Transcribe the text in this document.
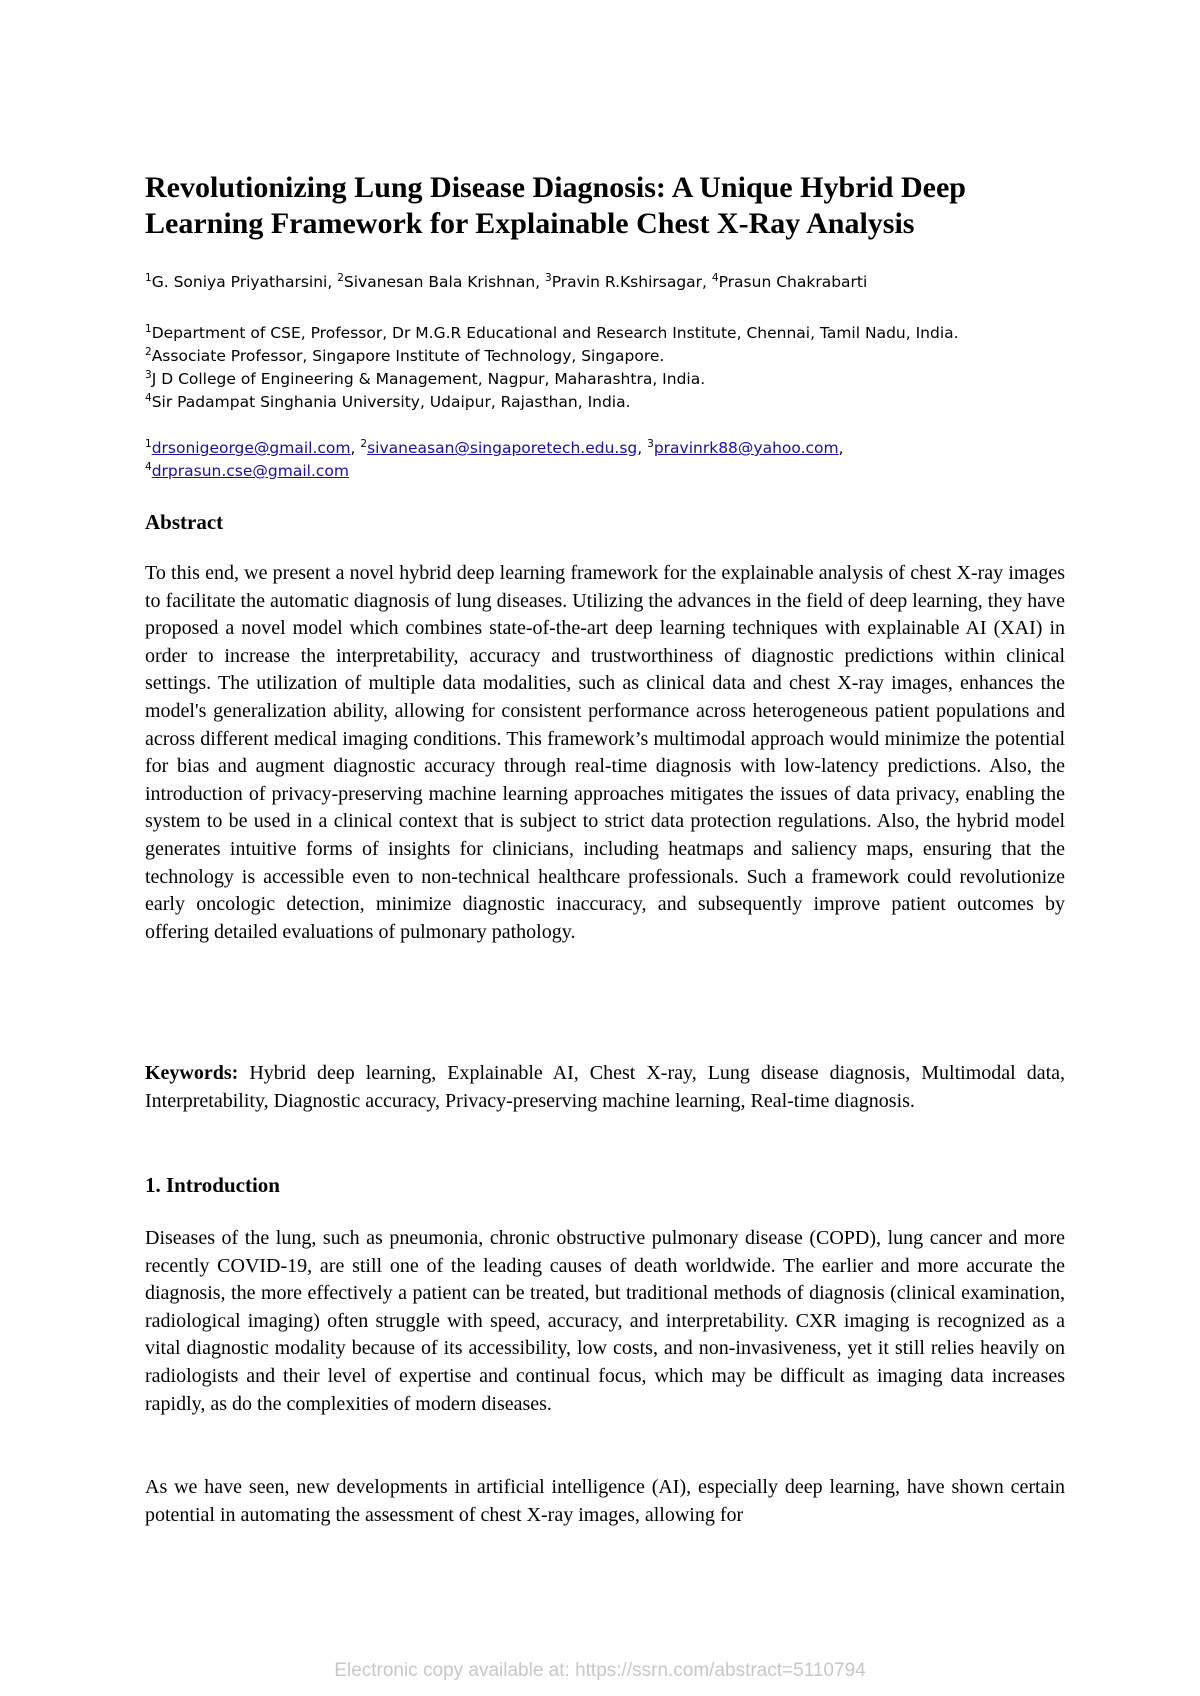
Revolutionizing Lung Disease Diagnosis: A Unique Hybrid Deep Learning Framework for Explainable Chest X-Ray Analysis
$^1$G. Soniya Priyatharsini, $^2$Sivanesan Bala Krishnan, $^3$Pravin R.Kshirsagar, $^4$Prasun Chakrabarti
$^1$Department of CSE, Professor, Dr M.G.R Educational and Research Institute, Chennai, Tamil Nadu, India.
$^2$Associate Professor, Singapore Institute of Technology, Singapore.
$^3$J D College of Engineering & Management, Nagpur, Maharashtra, India.
$^4$Sir Padampat Singhania University, Udaipur, Rajasthan, India.
$^1$drsonigeorge@gmail.com, $^2$sivaneasan@singaporetech.edu.sg, $^3$pravinrk88@yahoo.com,
$^4$drprasun.cse@gmail.com
Abstract

To this end, we present a novel hybrid deep learning framework for the explainable analysis of chest X-ray images to facilitate the automatic diagnosis of lung diseases. Utilizing the advances in the field of deep learning, they have proposed a novel model which combines state-of-the-art deep learning techniques with explainable AI (XAI) in order to increase the interpretability, accuracy and trustworthiness of diagnostic predictions within clinical settings. The utilization of multiple data modalities, such as clinical data and chest X-ray images, enhances the model's generalization ability, allowing for consistent performance across heterogeneous patient populations and across different medical imaging conditions. This framework’s multimodal approach would minimize the potential for bias and augment diagnostic accuracy through real-time diagnosis with low-latency predictions. Also, the introduction of privacy-preserving machine learning approaches mitigates the issues of data privacy, enabling the system to be used in a clinical context that is subject to strict data protection regulations. Also, the hybrid model generates intuitive forms of insights for clinicians, including heatmaps and saliency maps, ensuring that the technology is accessible even to non-technical healthcare professionals. Such a framework could revolutionize early oncologic detection, minimize diagnostic inaccuracy, and subsequently improve patient outcomes by offering detailed evaluations of pulmonary pathology.

Keywords: Hybrid deep learning, Explainable AI, Chest X-ray, Lung disease diagnosis, Multimodal data, Interpretability, Diagnostic accuracy, Privacy-preserving machine learning, Real-time diagnosis.

1. Introduction

Diseases of the lung, such as pneumonia, chronic obstructive pulmonary disease (COPD), lung cancer and more recently COVID-19, are still one of the leading causes of death worldwide. The earlier and more accurate the diagnosis, the more effectively a patient can be treated, but traditional methods of diagnosis (clinical examination, radiological imaging) often struggle with speed, accuracy, and interpretability. CXR imaging is recognized as a vital diagnostic modality because of its accessibility, low costs, and non-invasiveness, yet it still relies heavily on radiologists and their level of expertise and continual focus, which may be difficult as imaging data increases rapidly, as do the complexities of modern diseases.

As we have seen, new developments in artificial intelligence (AI), especially deep learning, have shown certain potential in automating the assessment of chest X-ray images, allowing for

Electronic copy available at: https://ssrn.com/abstract=5110794
